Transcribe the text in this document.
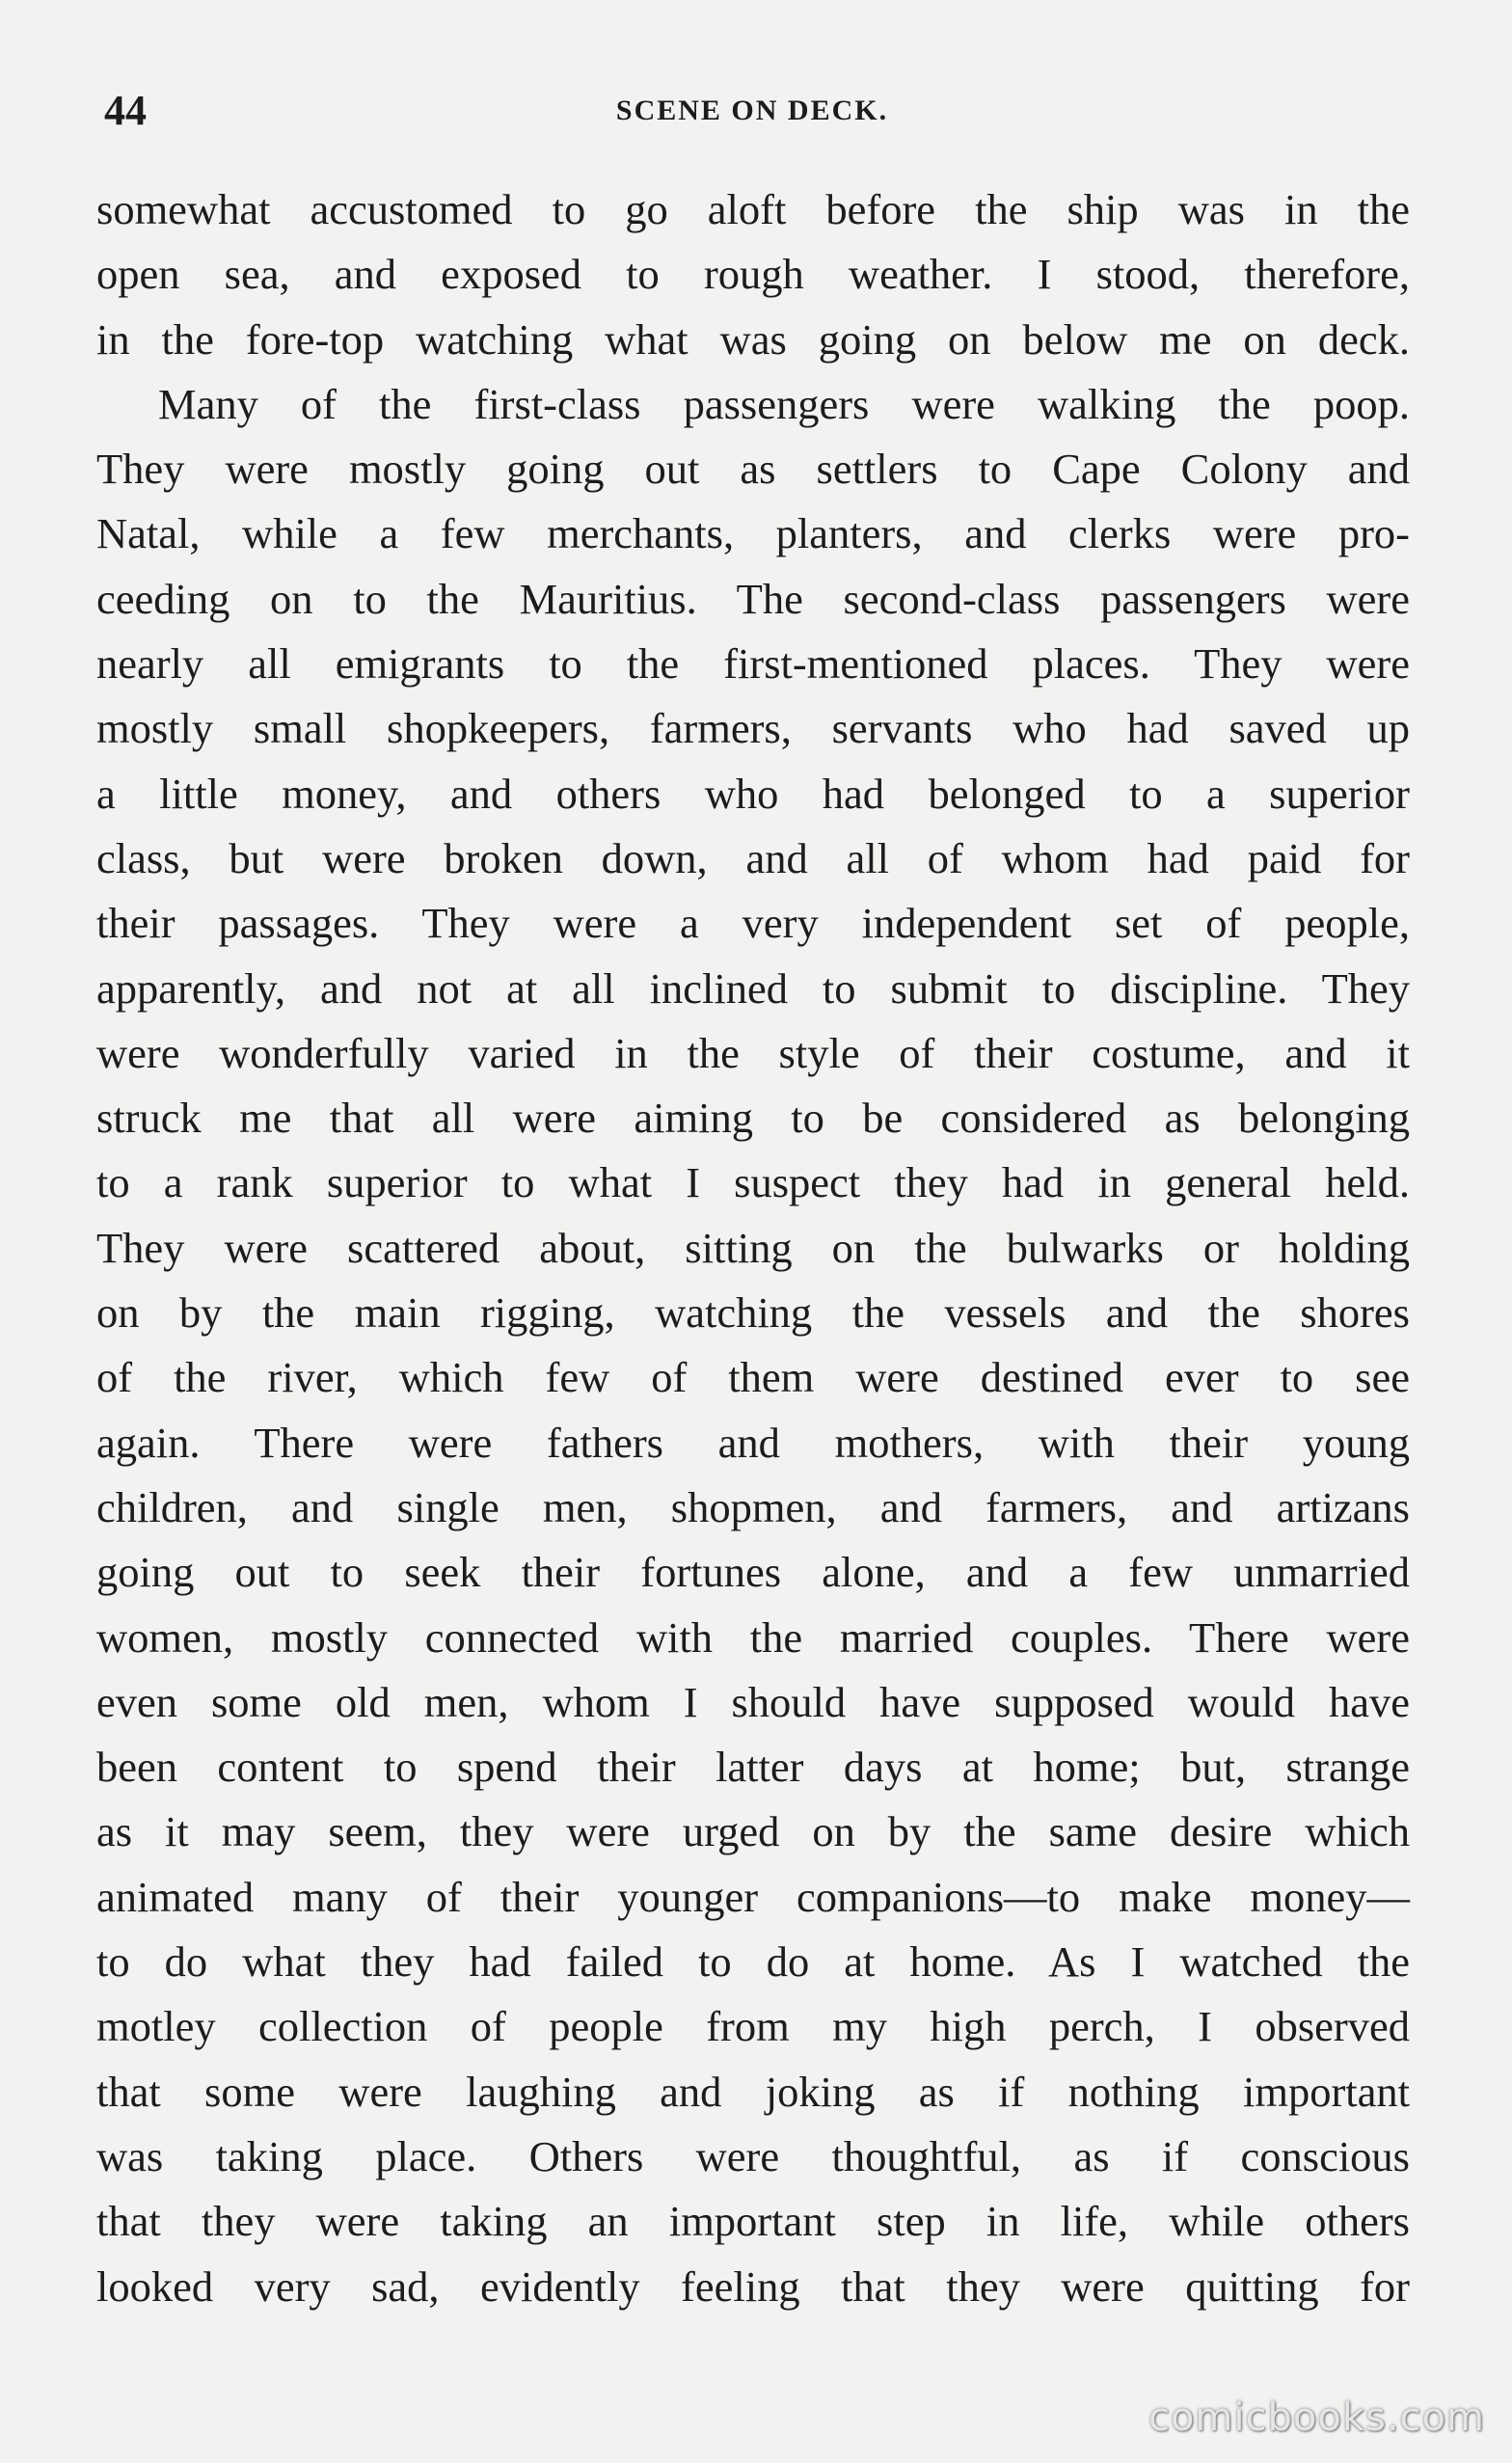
44	SCENE ON DECK.
somewhat accustomed to go aloft before the ship was in the
open sea, and exposed to rough weather. I stood, therefore,
in the fore-top watching what was going on below me on deck.
Many of the first-class passengers were walking the poop.
They were mostly going out as settlers to Cape Colony and
Natal, while a few merchants, planters, and clerks were pro-
ceeding on to the Mauritius. The second-class passengers were
nearly all emigrants to the first-mentioned places. They were
mostly small shopkeepers, farmers, servants who had saved up
a little money, and others who had belonged to a superior
class, but were broken down, and all of whom had paid for
their passages. They were a very independent set of people,
apparently, and not at all inclined to submit to discipline. They
were wonderfully varied in the style of their costume, and it
struck me that all were aiming to be considered as belonging
to a rank superior to what I suspect they had in general held.
They were scattered about, sitting on the bulwarks or holding
on by the main rigging, watching the vessels and the shores
of the river, which few of them were destined ever to see
again. There were fathers and mothers, with their young
children, and single men, shopmen, and farmers, and artizans
going out to seek their fortunes alone, and a few unmarried
women, mostly connected with the married couples. There were
even some old men, whom I should have supposed would have
been content to spend their latter days at home; but, strange
as it may seem, they were urged on by the same desire which
animated many of their younger companions—to make money—
to do what they had failed to do at home. As I watched the
motley collection of people from my high perch, I observed
that some were laughing and joking as if nothing important
was taking place. Others were thoughtful, as if conscious
that they were taking an important step in life, while others
looked very sad, evidently feeling that they were quitting for
comicbooks.com
